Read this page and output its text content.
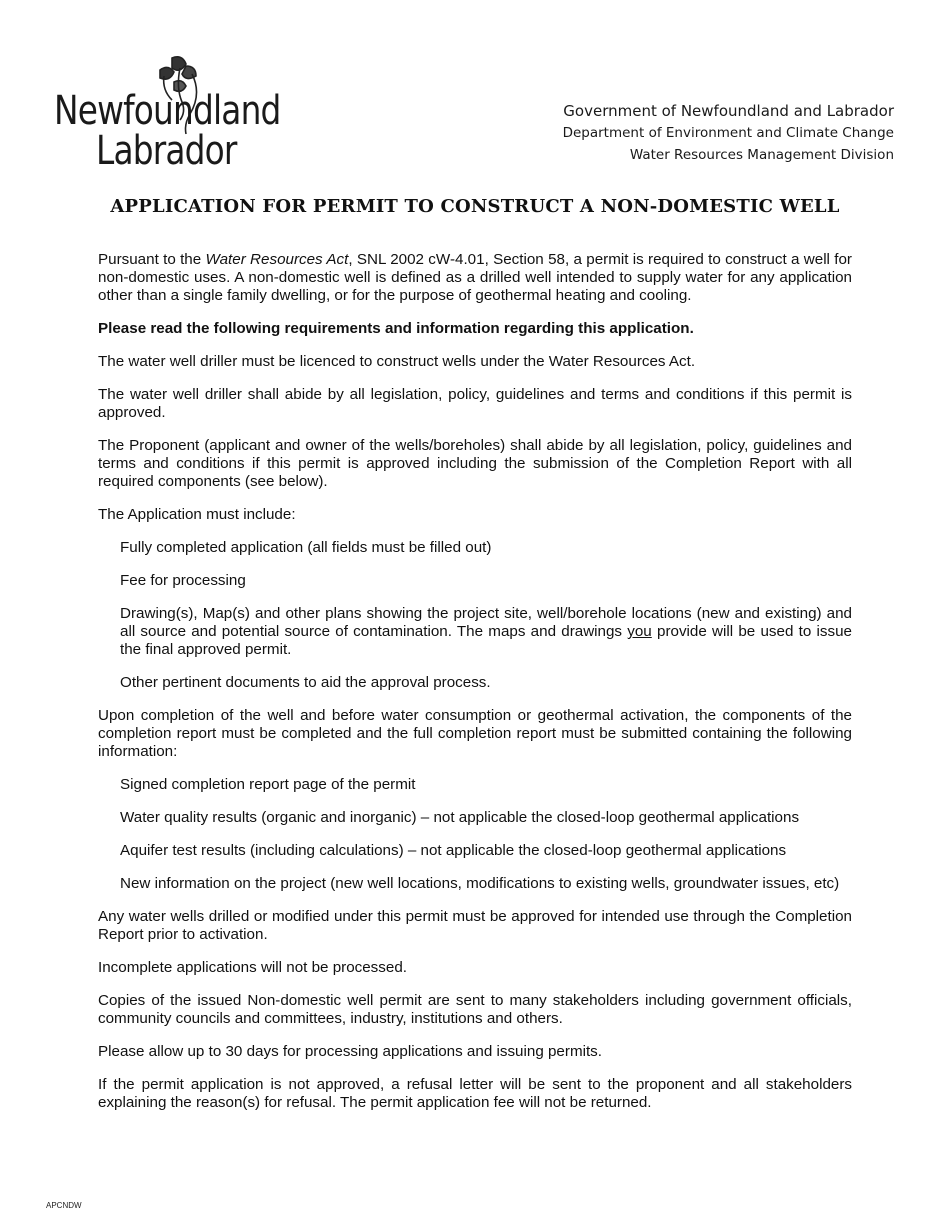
Newfoundland
Labrador
Government of Newfoundland and Labrador
Department of Environment and Climate Change
Water Resources Management Division
APPLICATION FOR PERMIT TO CONSTRUCT A NON-DOMESTIC WELL

Pursuant to the Water Resources Act, SNL 2002 cW-4.01, Section 58, a permit is required to construct a well for non-domestic uses. A non-domestic well is defined as a drilled well intended to supply water for any application other than a single family dwelling, or for the purpose of geothermal heating and cooling.

Please read the following requirements and information regarding this application.

The water well driller must be licenced to construct wells under the Water Resources Act.

The water well driller shall abide by all legislation, policy, guidelines and terms and conditions if this permit is approved.

The Proponent (applicant and owner of the wells/boreholes) shall abide by all legislation, policy, guidelines and terms and conditions if this permit is approved including the submission of the Completion Report with all required components (see below).

The Application must include:

Fully completed application (all fields must be filled out)

Fee for processing

Drawing(s), Map(s) and other plans showing the project site, well/borehole locations (new and existing) and all source and potential source of contamination. The maps and drawings you provide will be used to issue the final approved permit.

Other pertinent documents to aid the approval process.

Upon completion of the well and before water consumption or geothermal activation, the components of the completion report must be completed and the full completion report must be submitted containing the following information:

Signed completion report page of the permit

Water quality results (organic and inorganic) – not applicable the closed-loop geothermal applications

Aquifer test results (including calculations) – not applicable the closed-loop geothermal applications

New information on the project (new well locations, modifications to existing wells, groundwater issues, etc)

Any water wells drilled or modified under this permit must be approved for intended use through the Completion Report prior to activation.

Incomplete applications will not be processed.

Copies of the issued Non-domestic well permit are sent to many stakeholders including government officials, community councils and committees, industry, institutions and others.

Please allow up to 30 days for processing applications and issuing permits.

If the permit application is not approved, a refusal letter will be sent to the proponent and all stakeholders explaining the reason(s) for refusal. The permit application fee will not be returned.

APCNDW
